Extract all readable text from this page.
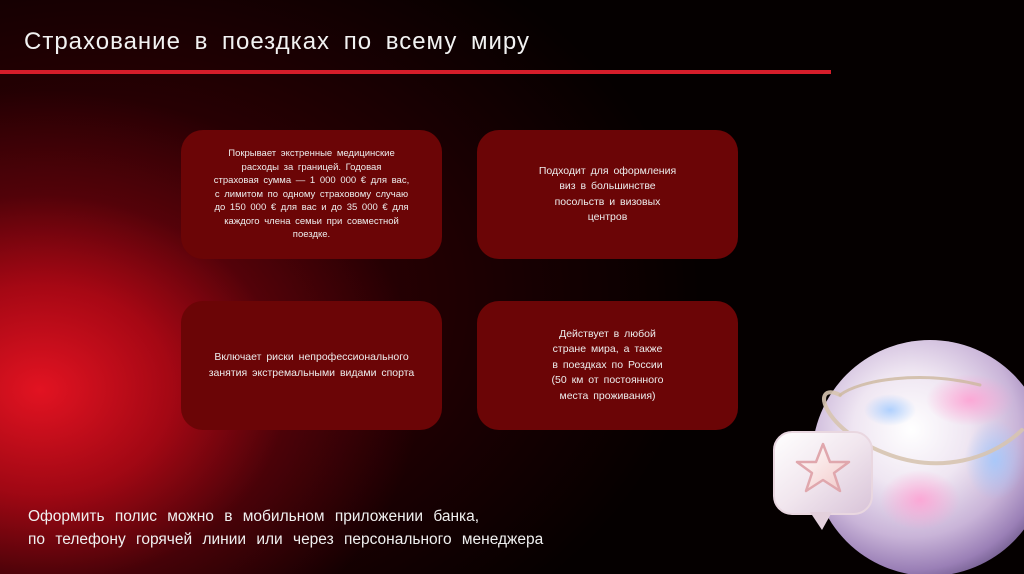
Страхование в поездках по всему миру
Покрывает экстренные медицинские
расходы за границей. Годовая
страховая сумма — 1 000 000 € для вас,
с лимитом по одному страховому случаю
до 150 000 € для вас и до 35 000 € для
каждого члена семьи при совместной
поездке.
Подходит для оформления
виз в большинстве
посольств и визовых
центров
Включает риски непрофессионального
занятия экстремальными видами спорта
Действует в любой
стране мира, а также
в поездках по России
(50 км от постоянного
места проживания)

Оформить полис можно в мобильном приложении банка,
по телефону горячей линии или через персонального менеджера
